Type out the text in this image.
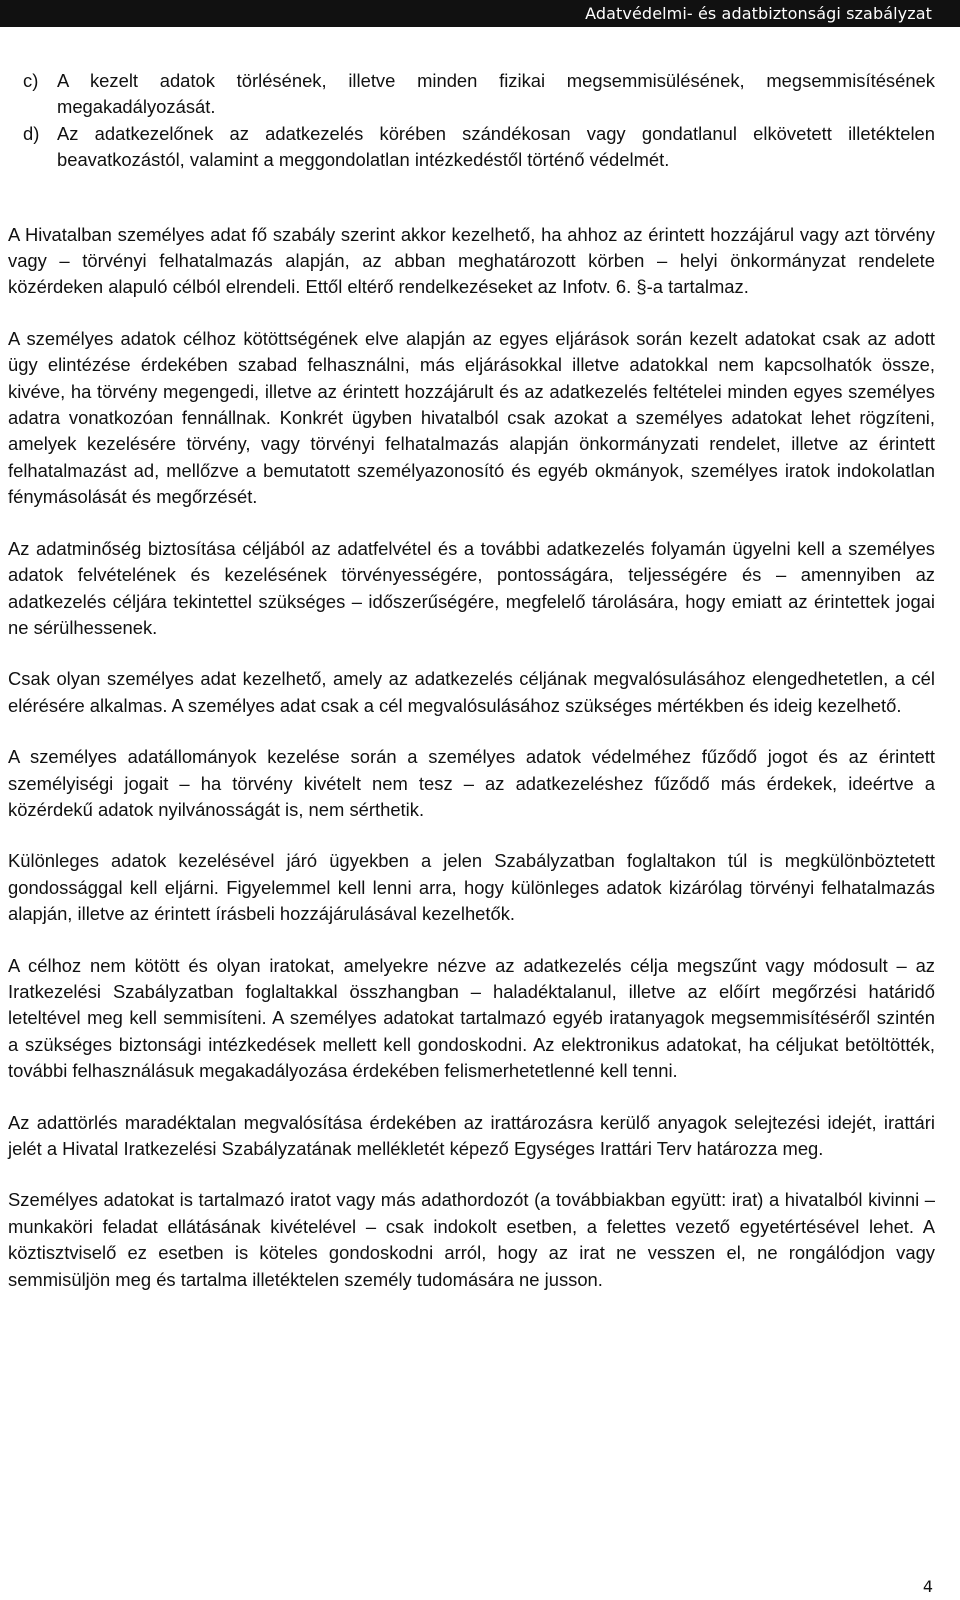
Adatvédelmi- és adatbiztonsági szabályzat

c) A kezelt adatok törlésének, illetve minden fizikai megsemmisülésének, megsemmisítésének megakadályozását.

d) Az adatkezelőnek az adatkezelés körében szándékosan vagy gondatlanul elkövetett illetéktelen beavatkozástól, valamint a meggondolatlan intézkedéstől történő védelmét.

A Hivatalban személyes adat fő szabály szerint akkor kezelhető, ha ahhoz az érintett hozzájárul vagy azt törvény vagy – törvényi felhatalmazás alapján, az abban meghatározott körben – helyi önkormányzat rendelete közérdeken alapuló célból elrendeli. Ettől eltérő rendelkezéseket az Infotv. 6. §-a tartalmaz.

A személyes adatok célhoz kötöttségének elve alapján az egyes eljárások során kezelt adatokat csak az adott ügy elintézése érdekében szabad felhasználni, más eljárásokkal illetve adatokkal nem kapcsolhatók össze, kivéve, ha törvény megengedi, illetve az érintett hozzájárult és az adatkezelés feltételei minden egyes személyes adatra vonatkozóan fennállnak. Konkrét ügyben hivatalból csak azokat a személyes adatokat lehet rögzíteni, amelyek kezelésére törvény, vagy törvényi felhatalmazás alapján önkormányzati rendelet, illetve az érintett felhatalmazást ad, mellőzve a bemutatott személyazonosító és egyéb okmányok, személyes iratok indokolatlan fénymásolását és megőrzését.

Az adatminőség biztosítása céljából az adatfelvétel és a további adatkezelés folyamán ügyelni kell a személyes adatok felvételének és kezelésének törvényességére, pontosságára, teljességére és – amennyiben az adatkezelés céljára tekintettel szükséges – időszerűségére, megfelelő tárolására, hogy emiatt az érintettek jogai ne sérülhessenek.

Csak olyan személyes adat kezelhető, amely az adatkezelés céljának megvalósulásához elengedhetetlen, a cél elérésére alkalmas. A személyes adat csak a cél megvalósulásához szükséges mértékben és ideig kezelhető.

A személyes adatállományok kezelése során a személyes adatok védelméhez fűződő jogot és az érintett személyiségi jogait – ha törvény kivételt nem tesz – az adatkezeléshez fűződő más érdekek, ideértve a közérdekű adatok nyilvánosságát is, nem sérthetik.

Különleges adatok kezelésével járó ügyekben a jelen Szabályzatban foglaltakon túl is megkülönböztetett gondossággal kell eljárni. Figyelemmel kell lenni arra, hogy különleges adatok kizárólag törvényi felhatalmazás alapján, illetve az érintett írásbeli hozzájárulásával kezelhetők.

A célhoz nem kötött és olyan iratokat, amelyekre nézve az adatkezelés célja megszűnt vagy módosult – az Iratkezelési Szabályzatban foglaltakkal összhangban – haladéktalanul, illetve az előírt megőrzési határidő leteltével meg kell semmisíteni. A személyes adatokat tartalmazó egyéb iratanyagok megsemmisítéséről szintén a szükséges biztonsági intézkedések mellett kell gondoskodni. Az elektronikus adatokat, ha céljukat betöltötték, további felhasználásuk megakadályozása érdekében felismerhetetlenné kell tenni.

Az adattörlés maradéktalan megvalósítása érdekében az irattározásra kerülő anyagok selejtezési idejét, irattári jelét a Hivatal Iratkezelési Szabályzatának mellékletét képező Egységes Irattári Terv határozza meg.

Személyes adatokat is tartalmazó iratot vagy más adathordozót (a továbbiakban együtt: irat) a hivatalból kivinni – munkaköri feladat ellátásának kivételével – csak indokolt esetben, a felettes vezető egyetértésével lehet. A köztisztviselő ez esetben is köteles gondoskodni arról, hogy az irat ne vesszen el, ne rongálódjon vagy semmisüljön meg és tartalma illetéktelen személy tudomására ne jusson.

4
